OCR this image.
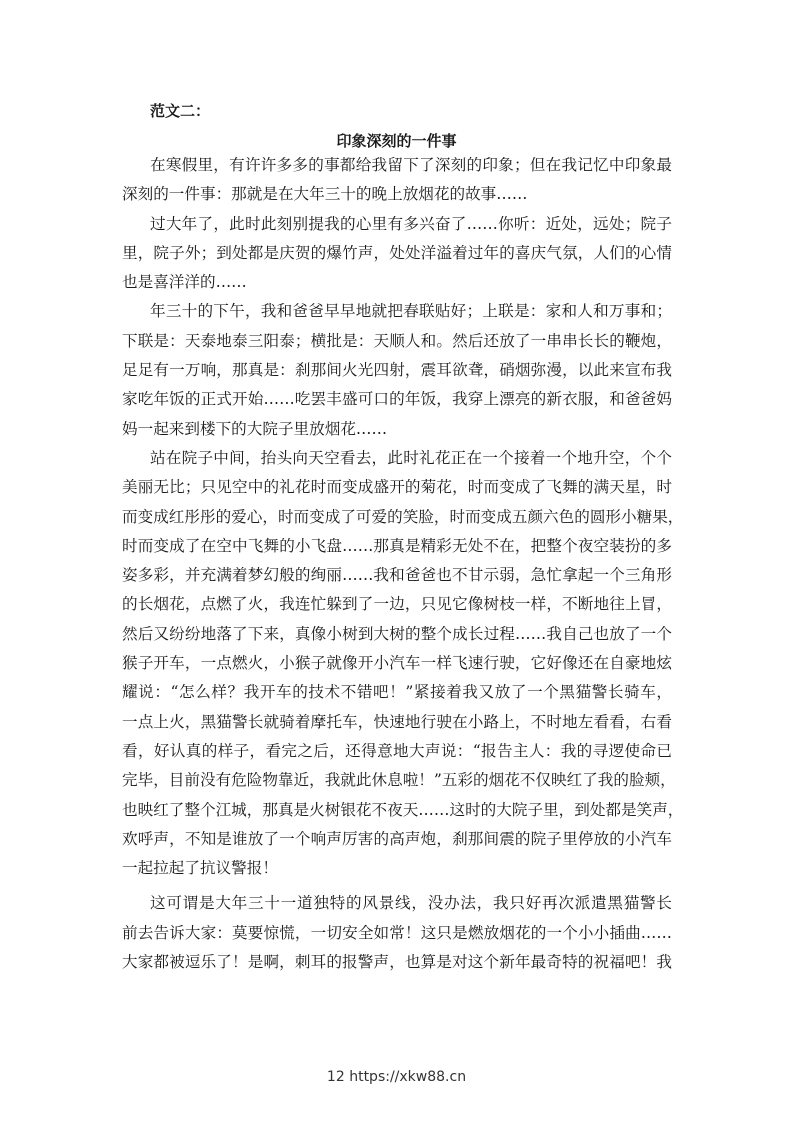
范文二：
印象深刻的一件事
在寒假里，有许许多多的事都给我留下了深刻的印象；但在我记忆中印象最
深刻的一件事：那就是在大年三十的晚上放烟花的故事……
过大年了，此时此刻别提我的心里有多兴奋了……你听：近处，远处；院子
里，院子外；到处都是庆贺的爆竹声，处处洋溢着过年的喜庆气氛，人们的心情
也是喜洋洋的……
年三十的下午，我和爸爸早早地就把春联贴好；上联是：家和人和万事和；
下联是：天泰地泰三阳泰；横批是：天顺人和。然后还放了一串串长长的鞭炮，
足足有一万响，那真是：刹那间火光四射，震耳欲聋，硝烟弥漫，以此来宣布我
家吃年饭的正式开始……吃罢丰盛可口的年饭，我穿上漂亮的新衣服，和爸爸妈
妈一起来到楼下的大院子里放烟花……
站在院子中间，抬头向天空看去，此时礼花正在一个接着一个地升空，个个
美丽无比；只见空中的礼花时而变成盛开的菊花，时而变成了飞舞的满天星，时
而变成红彤彤的爱心，时而变成了可爱的笑脸，时而变成五颜六色的圆形小糖果，
时而变成了在空中飞舞的小飞盘……那真是精彩无处不在，把整个夜空装扮的多
姿多彩，并充满着梦幻般的绚丽……我和爸爸也不甘示弱，急忙拿起一个三角形
的长烟花，点燃了火，我连忙躲到了一边，只见它像树枝一样，不断地往上冒，
然后又纷纷地落了下来，真像小树到大树的整个成长过程……我自己也放了一个
猴子开车，一点燃火，小猴子就像开小汽车一样飞速行驶，它好像还在自豪地炫
耀说：“怎么样？我开车的技术不错吧！”紧接着我又放了一个黑猫警长骑车，
一点上火，黑猫警长就骑着摩托车，快速地行驶在小路上，不时地左看看，右看
看，好认真的样子，看完之后，还得意地大声说：“报告主人：我的寻逻使命已
完毕，目前没有危险物靠近，我就此休息啦！”五彩的烟花不仅映红了我的脸颊，
也映红了整个江城，那真是火树银花不夜天……这时的大院子里，到处都是笑声，
欢呼声，不知是谁放了一个响声厉害的高声炮，刹那间震的院子里停放的小汽车
一起拉起了抗议警报！
这可谓是大年三十一道独特的风景线，没办法，我只好再次派遣黑猫警长
前去告诉大家：莫要惊慌，一切安全如常！这只是燃放烟花的一个小小插曲……
大家都被逗乐了！是啊，刺耳的报警声，也算是对这个新年最奇特的祝福吧！我
12 https://xkw88.cn
